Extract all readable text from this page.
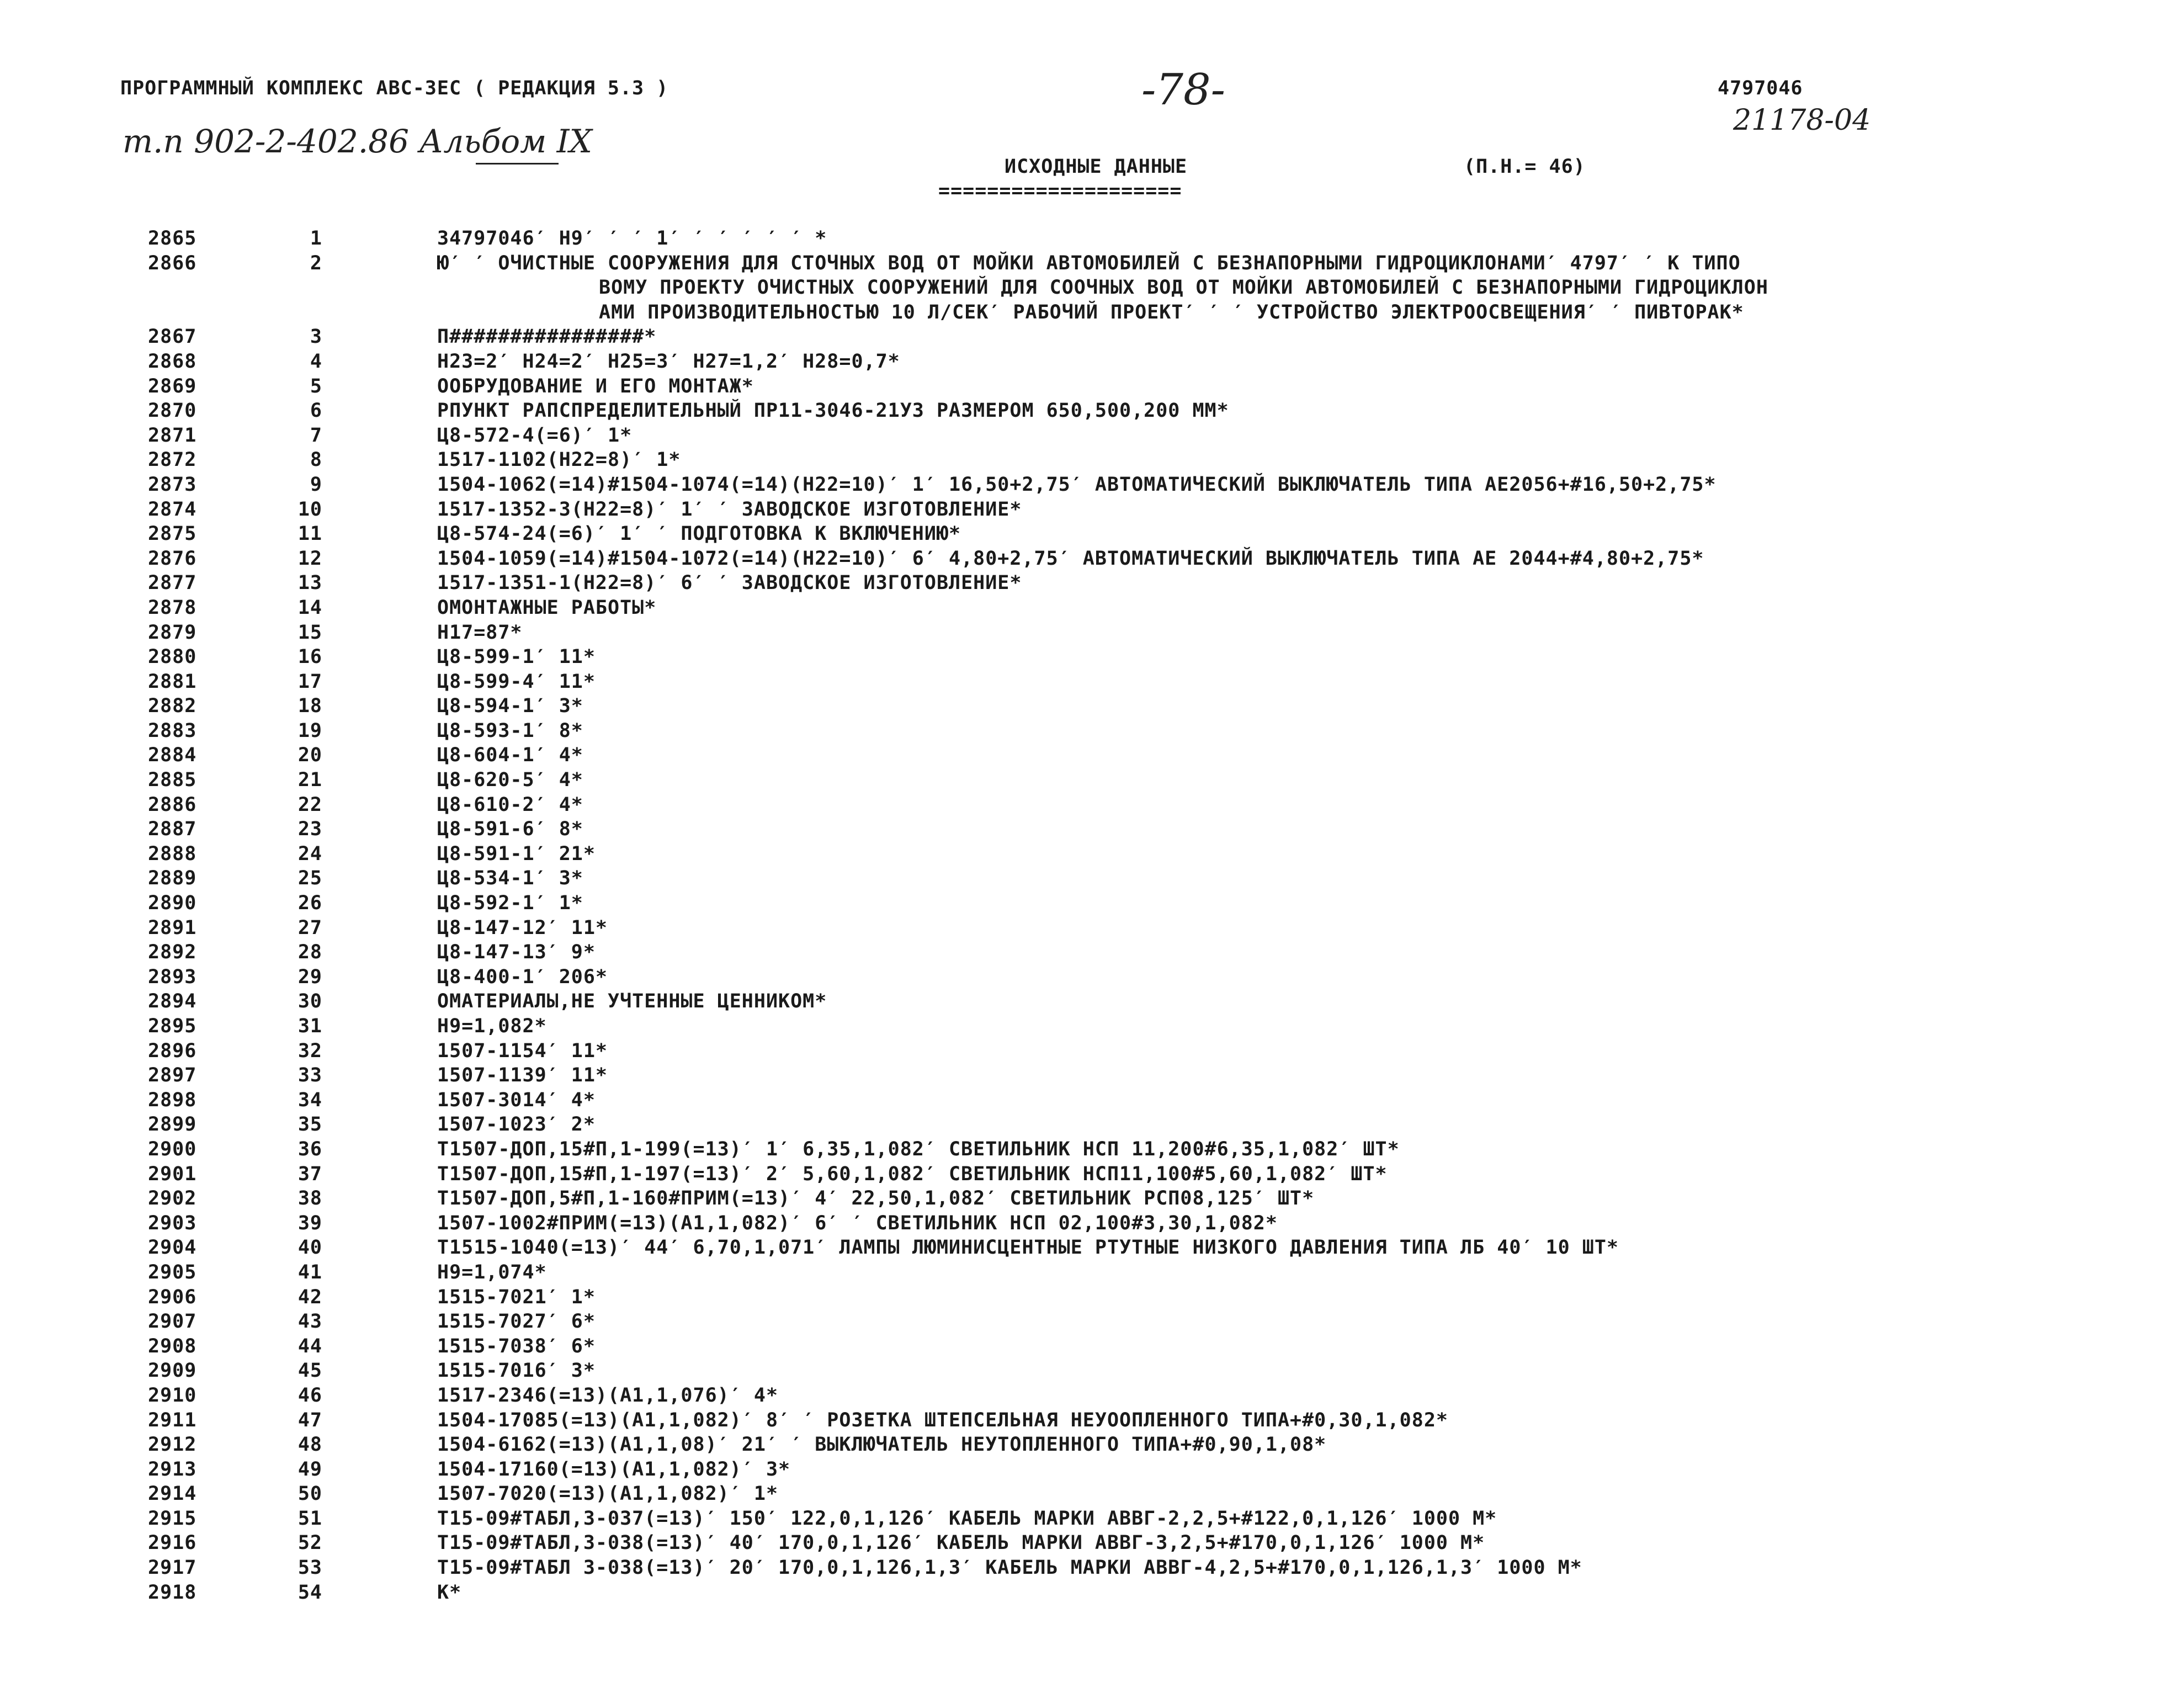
ПРОГРАММНЫЙ КОМПЛЕКС АВС-3ЕС ( РЕДАКЦИЯ 5.3 )	-78-	4797046
21178-04
т.п 902-2-402.86 Альбом IX
ИСХОДНЫЕ ДАННЫЕ
====================
(П.Н.= 46)
2865	1	34797046′ Н9′ ′ ′ 1′ ′ ′ ′ ′ ′ *
2866	2	Ю′ ′ ОЧИСТНЫЕ СООРУЖЕНИЯ ДЛЯ СТОЧНЫХ ВОД ОТ МОЙКИ АВТОМОБИЛЕЙ С БЕЗНАПОРНЫМИ ГИДРОЦИКЛОНАМИ′ 4797′ ′ К ТИПО
ВОМУ ПРОЕКТУ ОЧИСТНЫХ СООРУЖЕНИЙ ДЛЯ СООЧНЫХ ВОД ОТ МОЙКИ АВТОМОБИЛЕЙ С БЕЗНАПОРНЫМИ ГИДРОЦИКЛОН
АМИ ПРОИЗВОДИТЕЛЬНОСТЬЮ 10 Л/СЕК′ РАБОЧИЙ ПРОЕКТ′ ′ ′ УСТРОЙСТВО ЭЛЕКТРООСВЕЩЕНИЯ′ ′ ПИВТОРАК*
2867	3	П################*
2868	4	Н23=2′ Н24=2′ Н25=3′ Н27=1,2′ Н28=0,7*
2869	5	ООБРУДОВАНИЕ И ЕГО МОНТАЖ*
2870	6	РПУНКТ РАПСПРЕДЕЛИТЕЛЬНЫЙ ПР11-3046-21У3 РАЗМЕРОМ 650,500,200 ММ*
2871	7	Ц8-572-4(=6)′ 1*
2872	8	1517-1102(Н22=8)′ 1*
2873	9	1504-1062(=14)#1504-1074(=14)(Н22=10)′ 1′ 16,50+2,75′ АВТОМАТИЧЕСКИЙ ВЫКЛЮЧАТЕЛЬ ТИПА АЕ2056+#16,50+2,75*
2874	10	1517-1352-3(Н22=8)′ 1′ ′ ЗАВОДСКОЕ ИЗГОТОВЛЕНИЕ*
2875	11	Ц8-574-24(=6)′ 1′ ′ ПОДГОТОВКА К ВКЛЮЧЕНИЮ*
2876	12	1504-1059(=14)#1504-1072(=14)(Н22=10)′ 6′ 4,80+2,75′ АВТОМАТИЧЕСКИЙ ВЫКЛЮЧАТЕЛЬ ТИПА АЕ 2044+#4,80+2,75*
2877	13	1517-1351-1(Н22=8)′ 6′ ′ ЗАВОДСКОЕ ИЗГОТОВЛЕНИЕ*
2878	14	ОМОНТАЖНЫЕ РАБОТЫ*
2879	15	Н17=87*
2880	16	Ц8-599-1′ 11*
2881	17	Ц8-599-4′ 11*
2882	18	Ц8-594-1′ 3*
2883	19	Ц8-593-1′ 8*
2884	20	Ц8-604-1′ 4*
2885	21	Ц8-620-5′ 4*
2886	22	Ц8-610-2′ 4*
2887	23	Ц8-591-6′ 8*
2888	24	Ц8-591-1′ 21*
2889	25	Ц8-534-1′ 3*
2890	26	Ц8-592-1′ 1*
2891	27	Ц8-147-12′ 11*
2892	28	Ц8-147-13′ 9*
2893	29	Ц8-400-1′ 206*
2894	30	ОМАТЕРИАЛЫ,НЕ УЧТЕННЫЕ ЦЕННИКОМ*
2895	31	Н9=1,082*
2896	32	1507-1154′ 11*
2897	33	1507-1139′ 11*
2898	34	1507-3014′ 4*
2899	35	1507-1023′ 2*
2900	36	Т1507-ДОП,15#П,1-199(=13)′ 1′ 6,35,1,082′ СВЕТИЛЬНИК НСП 11,200#6,35,1,082′ ШТ*
2901	37	Т1507-ДОП,15#П,1-197(=13)′ 2′ 5,60,1,082′ СВЕТИЛЬНИК НСП11,100#5,60,1,082′ ШТ*
2902	38	Т1507-ДОП,5#П,1-160#ПРИМ(=13)′ 4′ 22,50,1,082′ СВЕТИЛЬНИК РСП08,125′ ШТ*
2903	39	1507-1002#ПРИМ(=13)(А1,1,082)′ 6′ ′ СВЕТИЛЬНИК НСП 02,100#3,30,1,082*
2904	40	Т1515-1040(=13)′ 44′ 6,70,1,071′ ЛАМПЫ ЛЮМИНИСЦЕНТНЫЕ РТУТНЫЕ НИЗКОГО ДАВЛЕНИЯ ТИПА ЛБ 40′ 10 ШТ*
2905	41	Н9=1,074*
2906	42	1515-7021′ 1*
2907	43	1515-7027′ 6*
2908	44	1515-7038′ 6*
2909	45	1515-7016′ 3*
2910	46	1517-2346(=13)(А1,1,076)′ 4*
2911	47	1504-17085(=13)(А1,1,082)′ 8′ ′ РОЗЕТКА ШТЕПСЕЛЬНАЯ НЕУООПЛЕННОГО ТИПА+#0,30,1,082*
2912	48	1504-6162(=13)(А1,1,08)′ 21′ ′ ВЫКЛЮЧАТЕЛЬ НЕУТОПЛЕННОГО ТИПА+#0,90,1,08*
2913	49	1504-17160(=13)(А1,1,082)′ 3*
2914	50	1507-7020(=13)(А1,1,082)′ 1*
2915	51	Т15-09#ТАБЛ,3-037(=13)′ 150′ 122,0,1,126′ КАБЕЛЬ МАРКИ АВВГ-2,2,5+#122,0,1,126′ 1000 М*
2916	52	Т15-09#ТАБЛ,3-038(=13)′ 40′ 170,0,1,126′ КАБЕЛЬ МАРКИ АВВГ-3,2,5+#170,0,1,126′ 1000 М*
2917	53	Т15-09#ТАБЛ 3-038(=13)′ 20′ 170,0,1,126,1,3′ КАБЕЛЬ МАРКИ АВВГ-4,2,5+#170,0,1,126,1,3′ 1000 М*
2918	54	К*
